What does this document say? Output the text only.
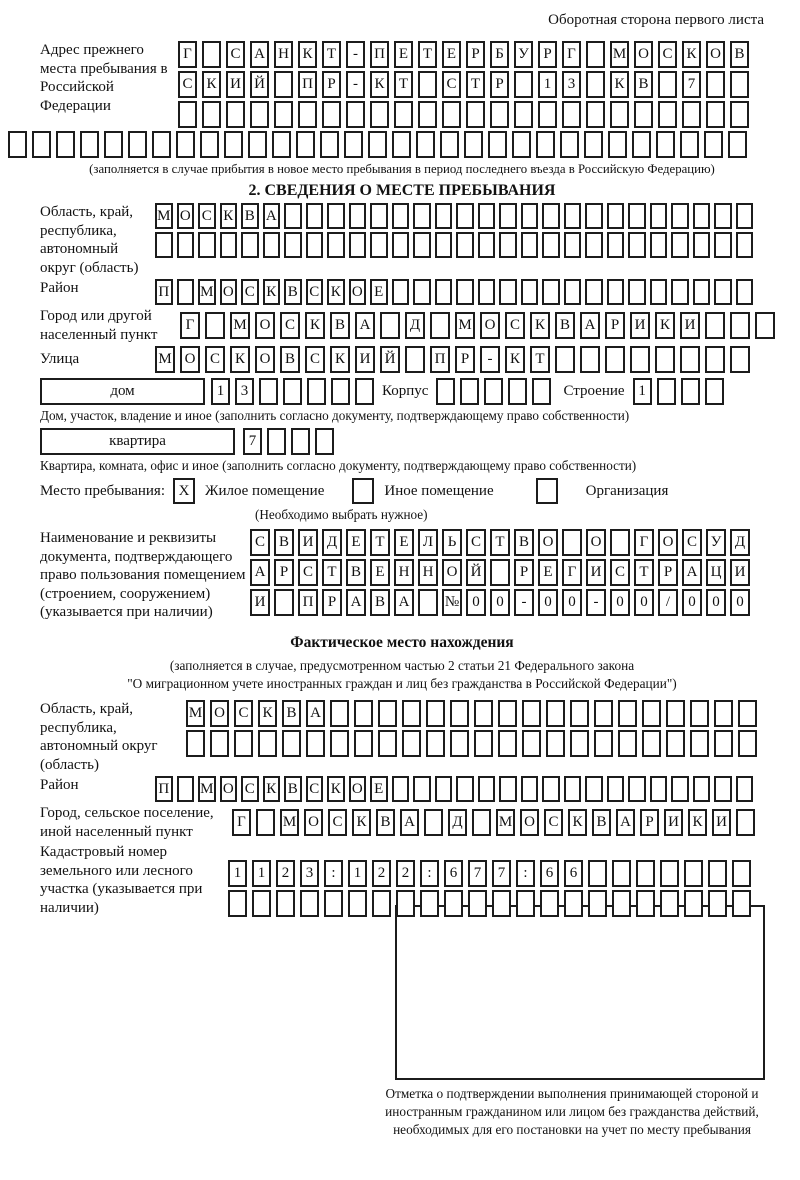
Оборотная сторона первого листа
Адрес прежнего места пребывания в Российской Федерации
Г	С А Н К Т	-	П Е Т Е	Р	Б У Р	Г	М О С К О В
С К И Й П Р	-	К Т	С Т	Р	1	3	К В	7
(заполняется в случае прибытия в новое место пребывания в период последнего въезда в Российскую Федерацию)
2. СВЕДЕНИЯ О МЕСТЕ ПРЕБЫВАНИЯ
Область, край, республика, автономный округ (область)
М О С К В А
Район	П М О С К В С К О Е
Город или другой населенный пункт
Г	М О С К В А	Д	М О С К В А	Р	И К И
Улица	М О С К О В С К И Й	П	Р	-	К	Т
дом	1	3	Корпус	Строение 1
Дом, участок, владение и иное (заполнить согласно документу, подтверждающему право собственности)
квартира	7
Квартира, комната, офис и иное (заполнить согласно документу, подтверждающему право собственности)
Место пребывания: X	Жилое помещение	Иное помещение	Организация
(Необходимо выбрать нужное)
Наименование и реквизиты документа, подтверждающего право пользования помещением (строением, сооружением) (указывается при наличии)
С В И Д Е Т Е Л Ь С Т В О	О	Г О С У Д
А Р С Т В Е Н Н О Й	Р	Е	Г И С Т	Р А Ц И
И	П Р А В А	№ 0	0	-	0	0	-	0	0	/	0	0	0
Фактическое место нахождения
(заполняется в случае, предусмотренном частью 2 статьи 21 Федерального закона
"О миграционном учете иностранных граждан и лиц без гражданства в Российской Федерации")
Область, край, республика, автономный округ (область)
М О С К В А
Район	П М О С К В С К О Е
Город, сельское поселение, иной населенный пункт
Г	М О С К В А Д М О С К В А Р И К И
Кадастровый номер земельного или лесного участка (указывается при наличии)
1	1	2	3	:	1	2	2	:	6	7	7	:	6	6
Отметка о подтверждении выполнения принимающей стороной и иностранным гражданином или лицом без гражданства действий, необходимых для его постановки на учет по месту пребывания
